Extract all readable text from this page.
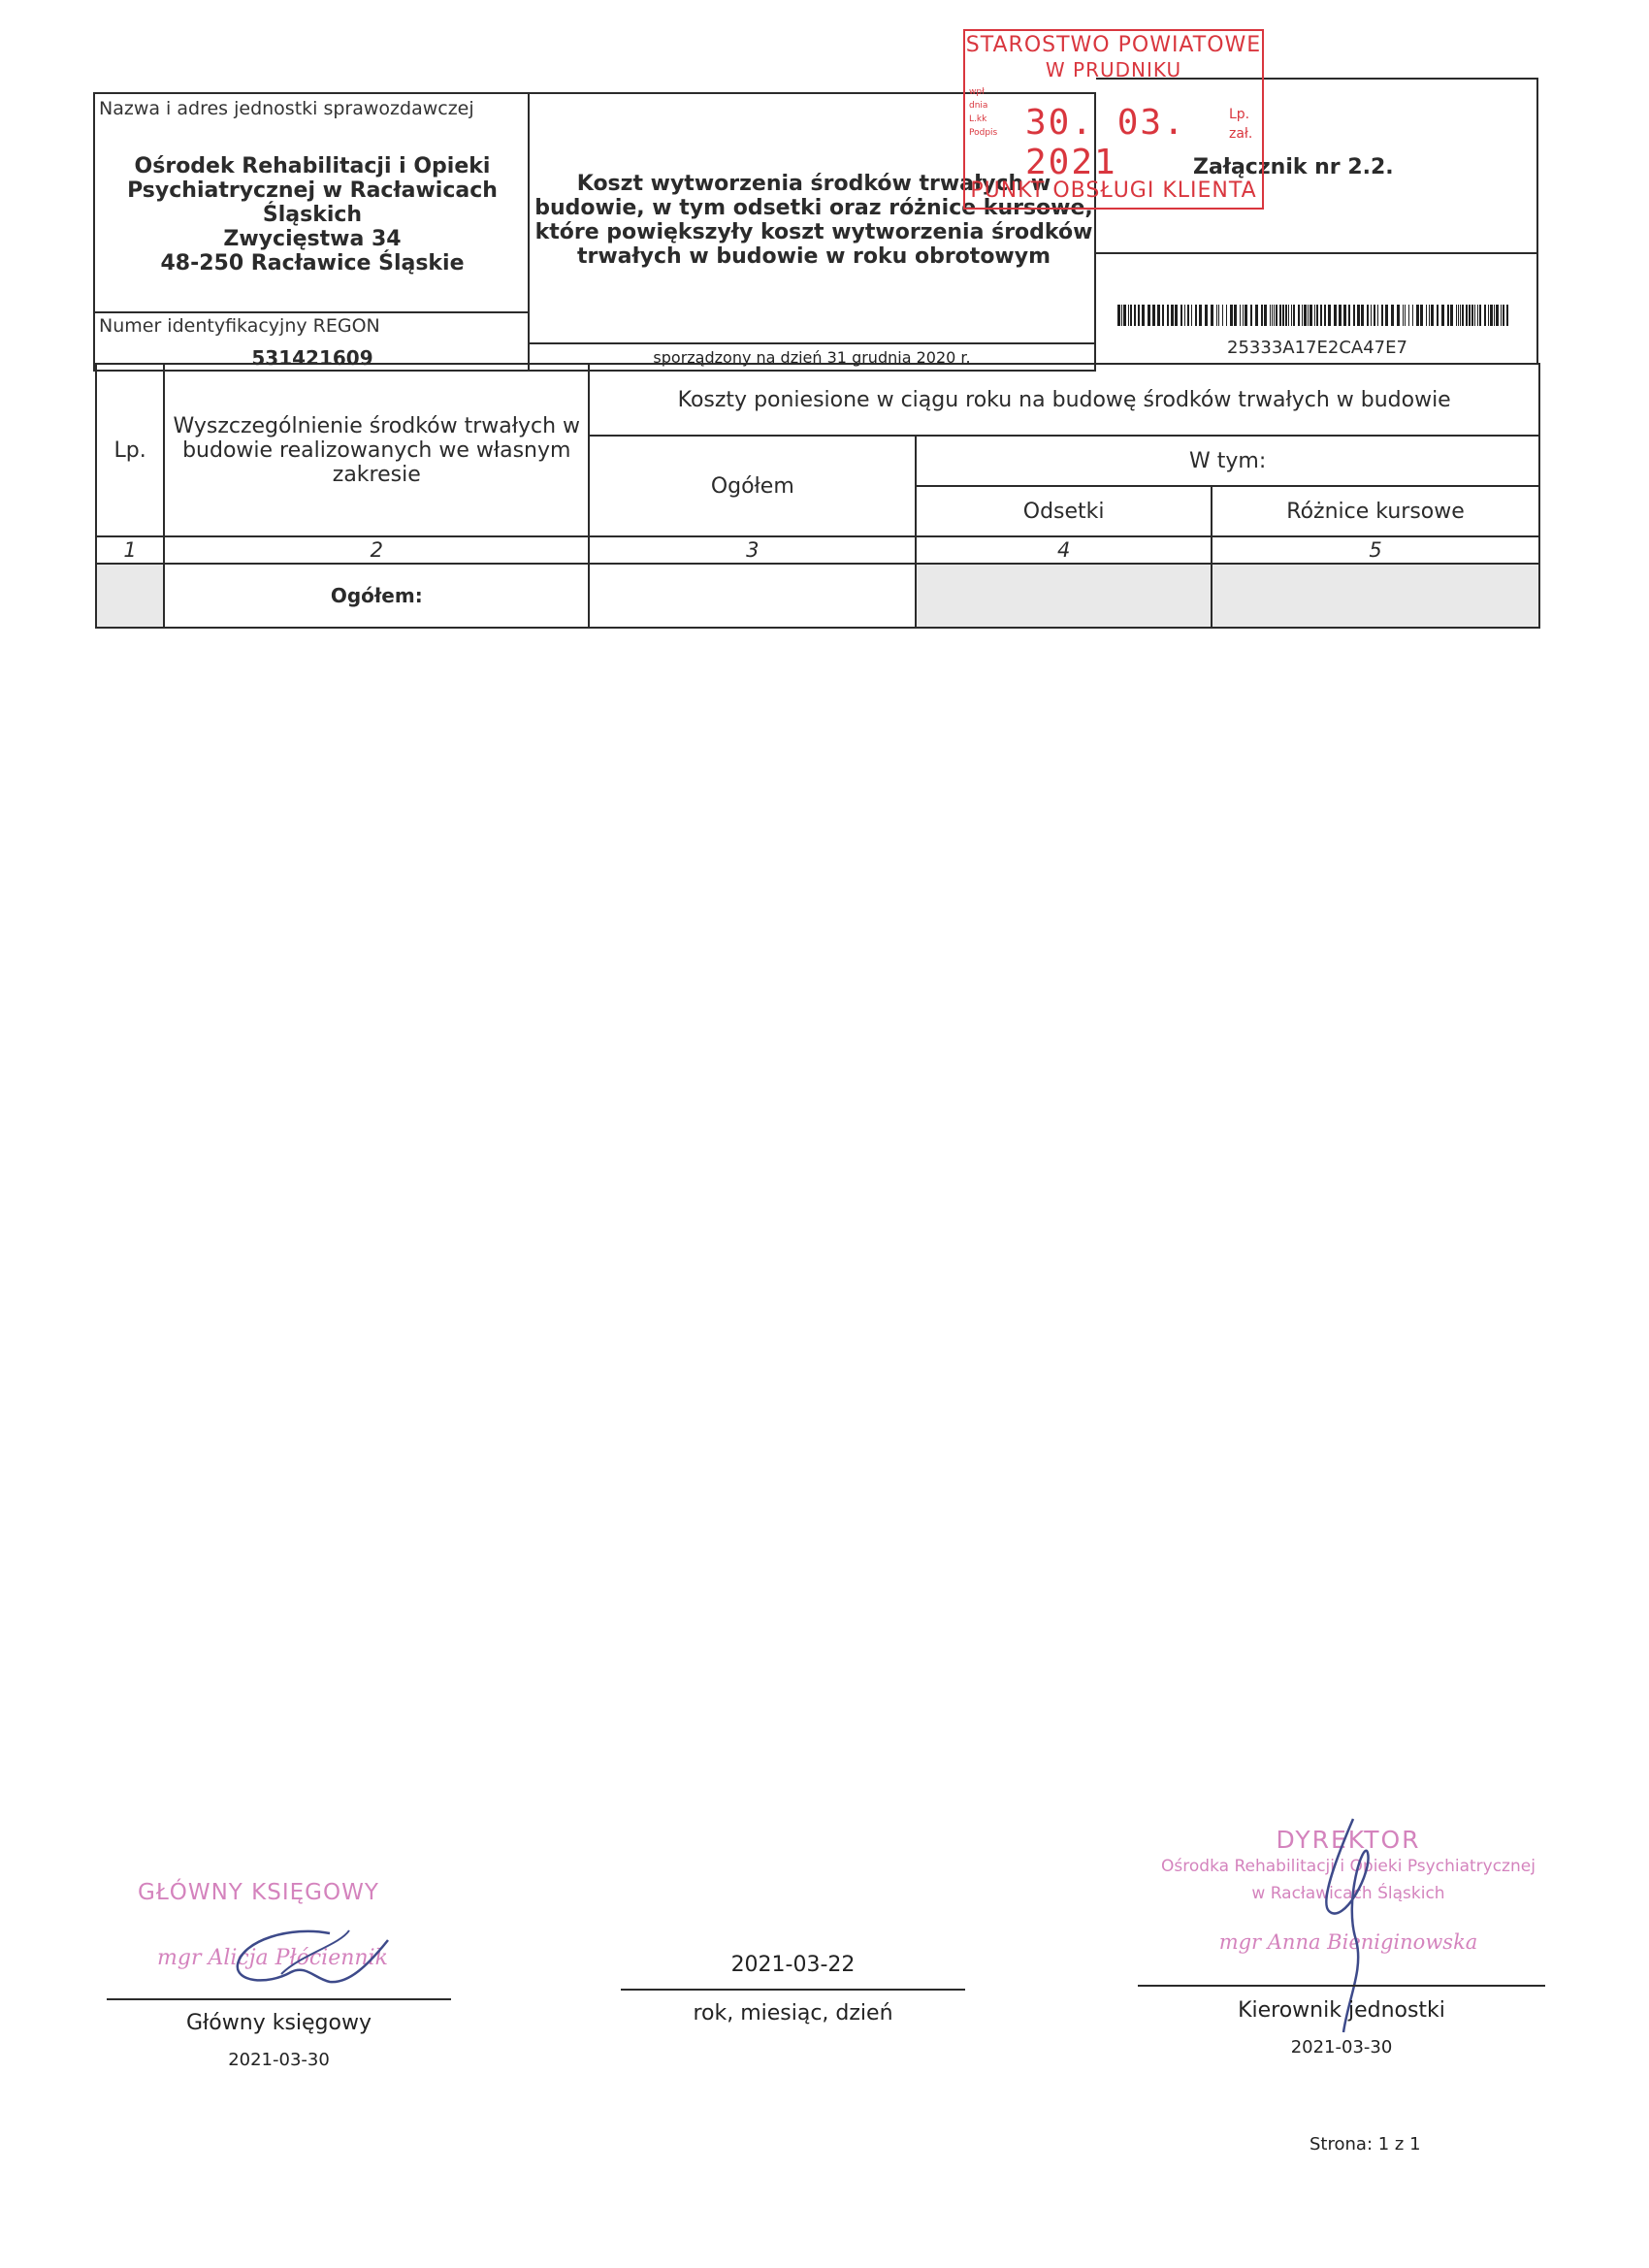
Nazwa i adres jednostki sprawozdawczej
Ośrodek Rehabilitacji i Opieki
Psychiatrycznej w Racławicach
Śląskich
Zwycięstwa 34
48-250 Racławice Śląskie
Numer identyfikacyjny REGON
531421609
Koszt wytworzenia środków trwałych w
budowie, w tym odsetki oraz różnice kursowe,
które powiększyły koszt wytworzenia środków
trwałych w budowie w roku obrotowym
sporządzony na dzień 31 grudnia 2020 r.
Załącznik nr 2.2.
25333A17E2CA47E7
STAROSTWO POWIATOWE
W PRUDNIKU
wpł
dnia
L.kk
Podpis 30. 03. 2021
Lp.
zał.
PUNKT OBSŁUGI KLIENTA
Lp.	Wyszczególnienie środków trwałych w budowie realizowanych we własnym zakresie	Koszty poniesione w ciągu roku na budowę środków trwałych w budowie		
		Ogółem	W tym:	
			Odsetki	Różnice kursowe
1	2	3	4	5
	Ogółem:			
GŁÓWNY KSIĘGOWY
mgr Alicja Płóciennik
Główny księgowy
2021-03-30
2021-03-22
rok, miesiąc, dzień
DYREKTOR
Ośrodka Rehabilitacji i Opieki Psychiatrycznej
w Racławicach Śląskich
mgr Anna Bieniginowska
Kierownik jednostki
2021-03-30
Strona: 1 z 1
